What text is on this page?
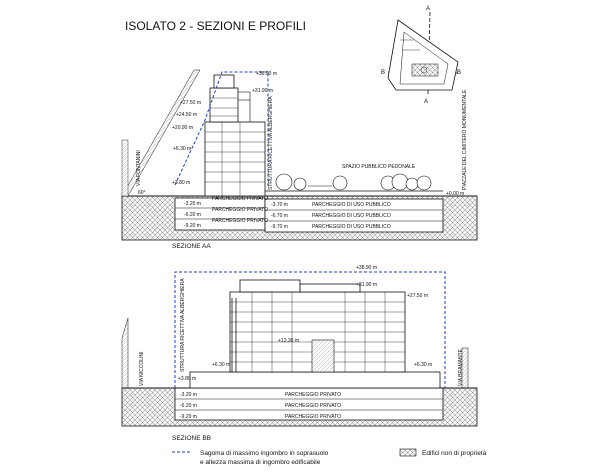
ISOLATO 2 - SEZIONI E PROFILI
A
A
B	B
+38.90 m
+31.90 m
+27.50 m
+24.50 m
+20.90 m
+6.30 m
+3.80 m
+0.00 m
-3.20 m
-6.20 m
-9.20 m
-3.70 m
-6.70 m
-9.70 m
PARCHEGGIO PRIVATO
PARCHEGGIO PRIVATO
PARCHEGGIO PRIVATO
PARCHEGGIO DI USO PUBBLICO
PARCHEGGIO DI USO PUBBLICO
PARCHEGGIO DI USO PUBBLICO
VIA FONTANINI
60°
STRUTTURA RICETTIVA ALBERGHIERA	SPAZIO PUBBLICO PEDONALE	PIAZZALE DEL CIMITERO MONUMENTALE
SEZIONE AA
+38.90 m
+31.90 m
+27.50 m
+13.30 m
+6.30 m	+6.30 m
+3.80 m
-3.20 m
-6.20 m
-9.20 m
PARCHEGGIO PRIVATO
PARCHEGGIO PRIVATO
PARCHEGGIO PRIVATO
VIA NICCOLINI	VIA BRAMANTE
STRUTTURA RICETTIVA ALBERGHIERA
SEZIONE BB
Sagoma di massimo ingombro in soprasuolo
e altezza massima di ingombro edificabile
Edifici non di proprietà
